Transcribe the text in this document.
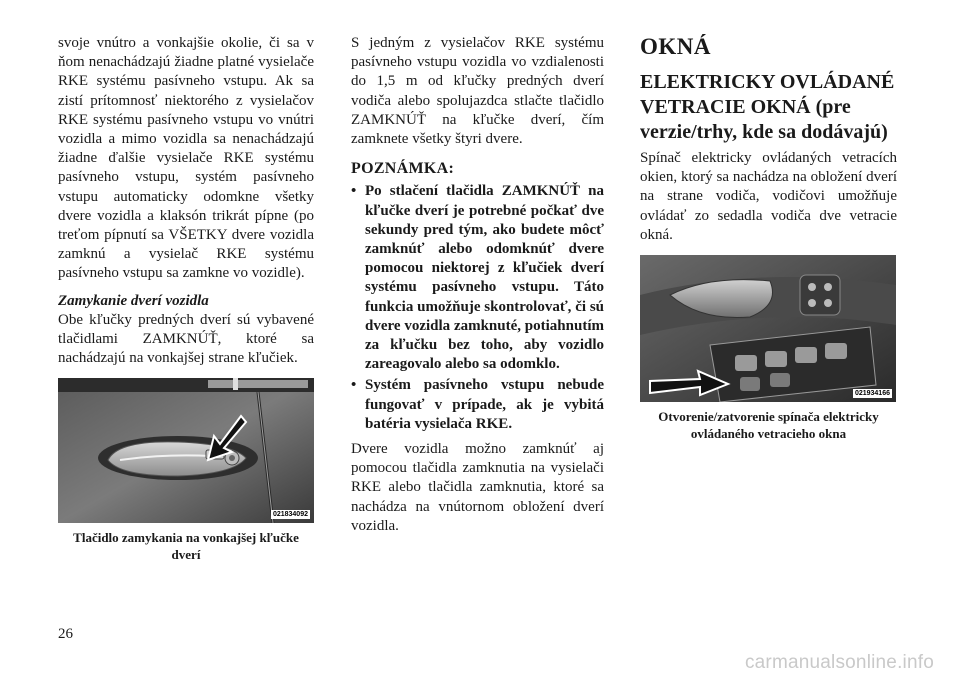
svoje vnútro a vonkajšie okolie, či sa v ňom nenachádzajú žiadne platné vysielače RKE systému pasívneho vstupu. Ak sa zistí prítomnosť niektorého z vysielačov RKE systému pasívneho vstupu vo vnútri vozidla a mimo vozidla sa nenachádzajú žiadne ďalšie vysielače RKE systému pasívneho vstupu, systém pasívneho vstupu automaticky odomkne všetky dvere vozidla a klaksón trikrát pípne (po treťom pípnutí sa VŠETKY dvere vozidla zamknú a vysielač RKE systému pasívneho vstupu sa zamkne vo vozidle).

Zamykanie dverí vozidla

Obe kľučky predných dverí sú vybavené tlačidlami ZAMKNÚŤ, ktoré sa nachádzajú na vonkajšej strane kľučiek.

021834092

Tlačidlo zamykania na vonkajšej kľučke dverí

S jedným z vysielačov RKE systému pasívneho vstupu vozidla vo vzdialenosti do 1,5 m od kľučky predných dverí vodiča alebo spolujazdca stlačte tlačidlo ZAMKNÚŤ na kľučke dverí, čím zamknete všetky štyri dvere.

POZNÁMKA:

• Po stlačení tlačidla ZAMKNÚŤ na kľučke dverí je potrebné počkať dve sekundy pred tým, ako budete môcť zamknúť alebo odomknúť dvere pomocou niektorej z kľučiek dverí systému pasívneho vstupu. Táto funkcia umožňuje skontrolovať, či sú dvere vozidla zamknuté, potiahnutím za kľučku bez toho, aby vozidlo zareagovalo alebo sa odomklo.
• Systém pasívneho vstupu nebude fungovať v prípade, ak je vybitá batéria vysielača RKE.

Dvere vozidla možno zamknúť aj pomocou tlačidla zamknutia na vysielači RKE alebo tlačidla zamknutia, ktoré sa nachádza na vnútornom obložení dverí vozidla.

OKNÁ

ELEKTRICKY OVLÁDANÉ VETRACIE OKNÁ (pre verzie/trhy, kde sa dodávajú)

Spínač elektricky ovládaných vetracích okien, ktorý sa nachádza na obložení dverí na strane vodiča, vodičovi umožňuje ovládať zo sedadla vodiča dve vetracie okná.

021934166

Otvorenie/zatvorenie spínača elektricky ovládaného vetracieho okna

26
carmanualsonline.info
